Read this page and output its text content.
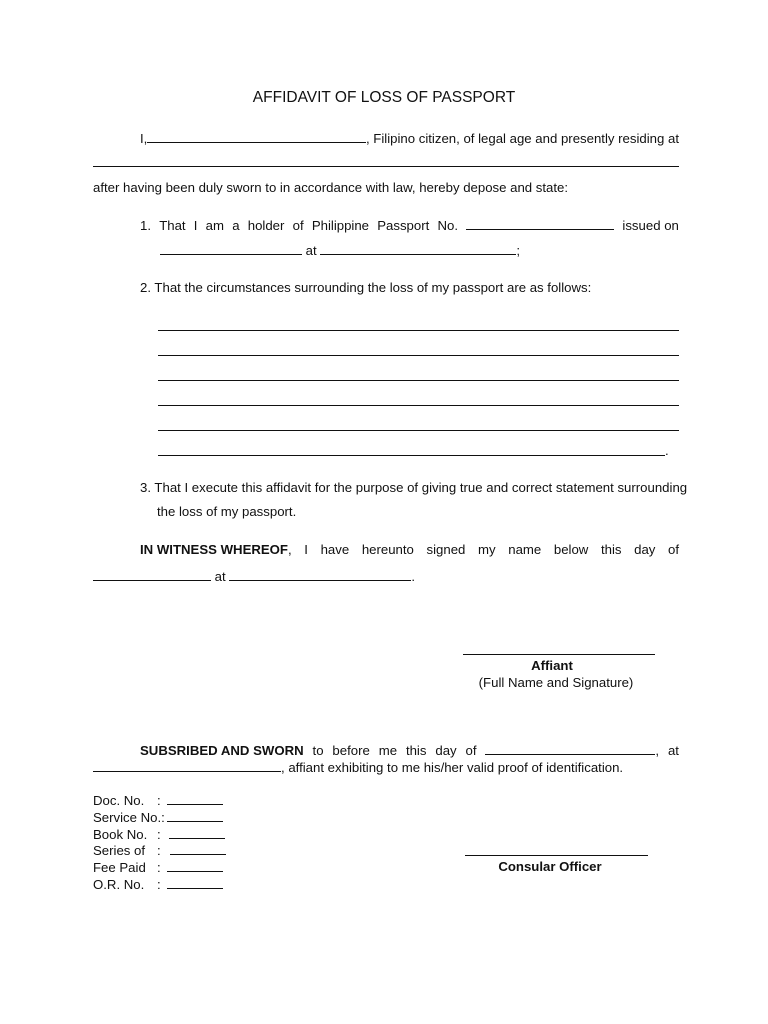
AFFIDAVIT OF LOSS OF PASSPORT
I,	, Filipino citizen, of legal age and presently residing at
after having been duly sworn to in accordance with law, hereby depose and state:
1. That I am a holder of Philippine Passport No.	issued on
at	;
2. That the circumstances surrounding the loss of my passport are as follows:
.
3. That I execute this affidavit for the purpose of giving true and correct statement surrounding
the loss of my passport.
IN WITNESS WHEREOF, I have hereunto signed my name below this day of
at	.
Affiant
(Full Name and Signature)
SUBSRIBED AND SWORN to before me this day of	, at
, affiant exhibiting to me his/her valid proof of identification.
Doc. No. :
Service No.:
Book No. :
Series of :
Fee Paid :
O.R. No. :
Consular Officer
